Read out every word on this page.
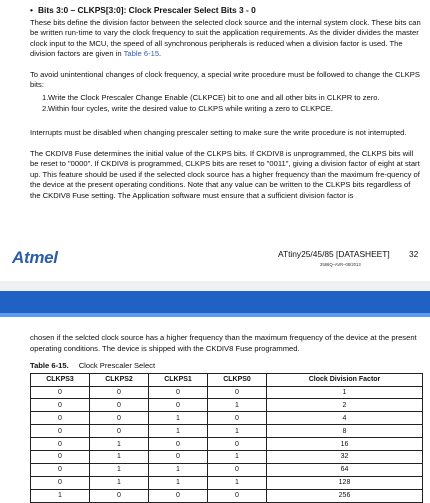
• Bits 3:0 – CLKPS[3:0]: Clock Prescaler Select Bits 3 - 0

These bits define the division factor between the selected clock source and the internal system clock. These bits can be written run-time to vary the clock frequency to suit the application requirements. As the divider divides the master clock input to the MCU, the speed of all synchronous peripherals is reduced when a division factor is used. The division factors are given in Table 6-15.

To avoid unintentional changes of clock frequency, a special write procedure must be followed to change the CLKPS bits:

1. Write the Clock Prescaler Change Enable (CLKPCE) bit to one and all other bits in CLKPR to zero.
2. Within four cycles, write the desired value to CLKPS while writing a zero to CLKPCE.

Interrupts must be disabled when changing prescaler setting to make sure the write procedure is not interrupted.

The CKDIV8 Fuse determines the initial value of the CLKPS bits. If CKDIV8 is unprogrammed, the CLKPS bits will be reset to "0000". If CKDIV8 is programmed, CLKPS bits are reset to "0011", giving a division factor of eight at start up. This feature should be used if the selected clock source has a higher frequency than the maximum fre-quency of the device at the present operating conditions. Note that any value can be written to the CLKPS bits regardless of the CKDIV8 Fuse setting. The Application software must ensure that a sufficient division factor is

Atmel	ATtiny25/45/85 [DATASHEET] 32
2586Q–AVR–08/2013

chosen if the selcted clock source has a higher frequency than the maximum frequency of the device at the present operating conditions. The device is shipped with the CKDIV8 Fuse programmed.

Table 6-15. Clock Prescaler Select
CLKPS3	CLKPS2	CLKPS1	CLKPS0	Clock Division Factor
0	0	0	0	1
0	0	0	1	2
0	0	1	0	4
0	0	1	1	8
0	1	0	0	16
0	1	0	1	32
0	1	1	0	64
0	1	1	1	128
1	0	0	0	256
